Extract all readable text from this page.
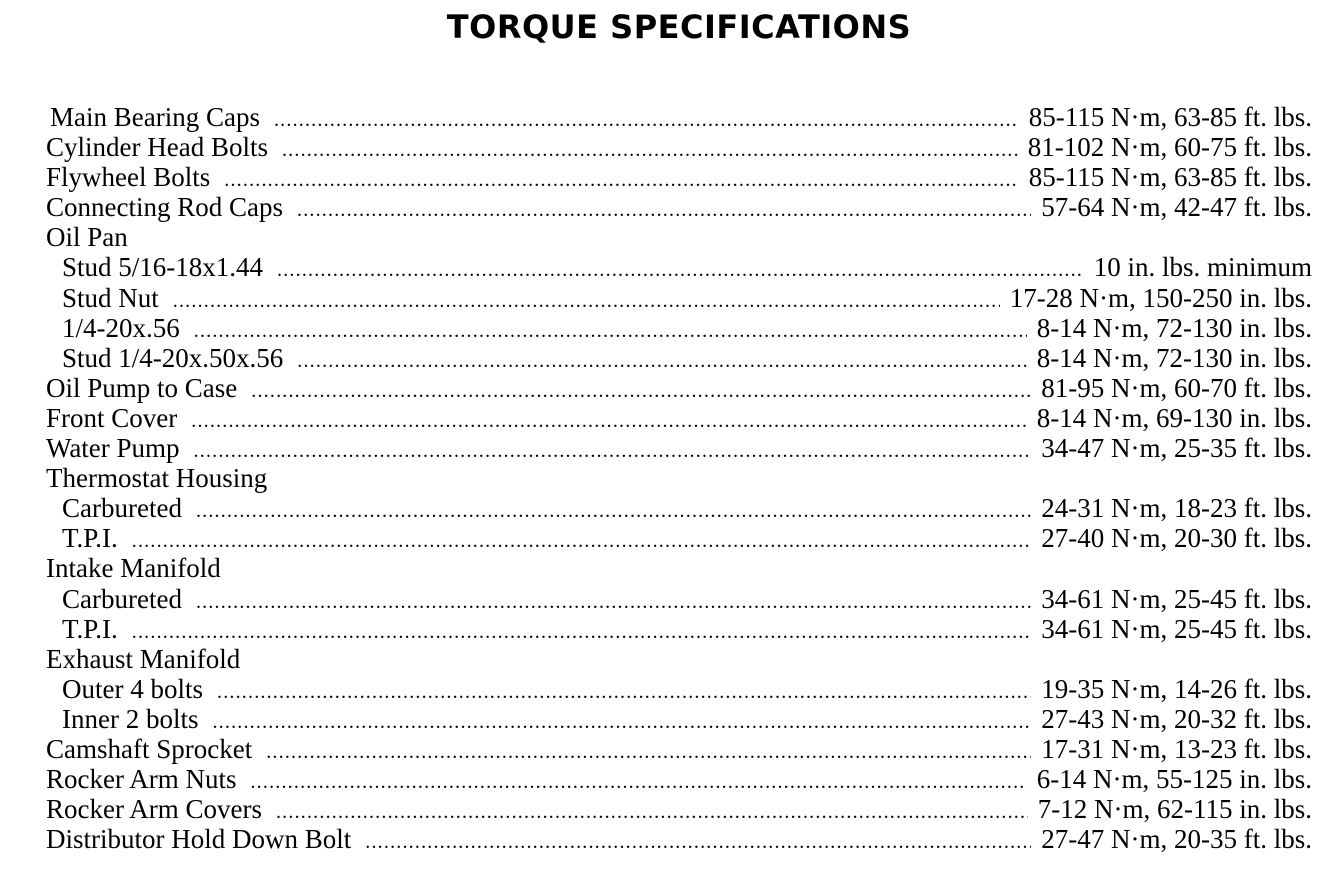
TORQUE SPECIFICATIONS
Main Bearing Caps .....	85-115 N·m, 63-85 ft. lbs.
Cylinder Head Bolts .....	81-102 N·m, 60-75 ft. lbs.
Flywheel Bolts .....	85-115 N·m, 63-85 ft. lbs.
Connecting Rod Caps .....	57-64 N·m, 42-47 ft. lbs.
Oil Pan
Stud 5/16-18x1.44 .....	10 in. lbs. minimum
Stud Nut .....	17-28 N·m, 150-250 in. lbs.
1/4-20x.56 .....	8-14 N·m, 72-130 in. lbs.
Stud 1/4-20x.50x.56 .....	8-14 N·m, 72-130 in. lbs.
Oil Pump to Case .....	81-95 N·m, 60-70 ft. lbs.
Front Cover .....	8-14 N·m, 69-130 in. lbs.
Water Pump .....	34-47 N·m, 25-35 ft. lbs.
Thermostat Housing
Carbureted .....	24-31 N·m, 18-23 ft. lbs.
T.P.I. .....	27-40 N·m, 20-30 ft. lbs.
Intake Manifold
Carbureted .....	34-61 N·m, 25-45 ft. lbs.
T.P.I. .....	34-61 N·m, 25-45 ft. lbs.
Exhaust Manifold
Outer 4 bolts .....	19-35 N·m, 14-26 ft. lbs.
Inner 2 bolts .....	27-43 N·m, 20-32 ft. lbs.
Camshaft Sprocket .....	17-31 N·m, 13-23 ft. lbs.
Rocker Arm Nuts .....	6-14 N·m, 55-125 in. lbs.
Rocker Arm Covers .....	7-12 N·m, 62-115 in. lbs.
Distributor Hold Down Bolt .....	27-47 N·m, 20-35 ft. lbs.
